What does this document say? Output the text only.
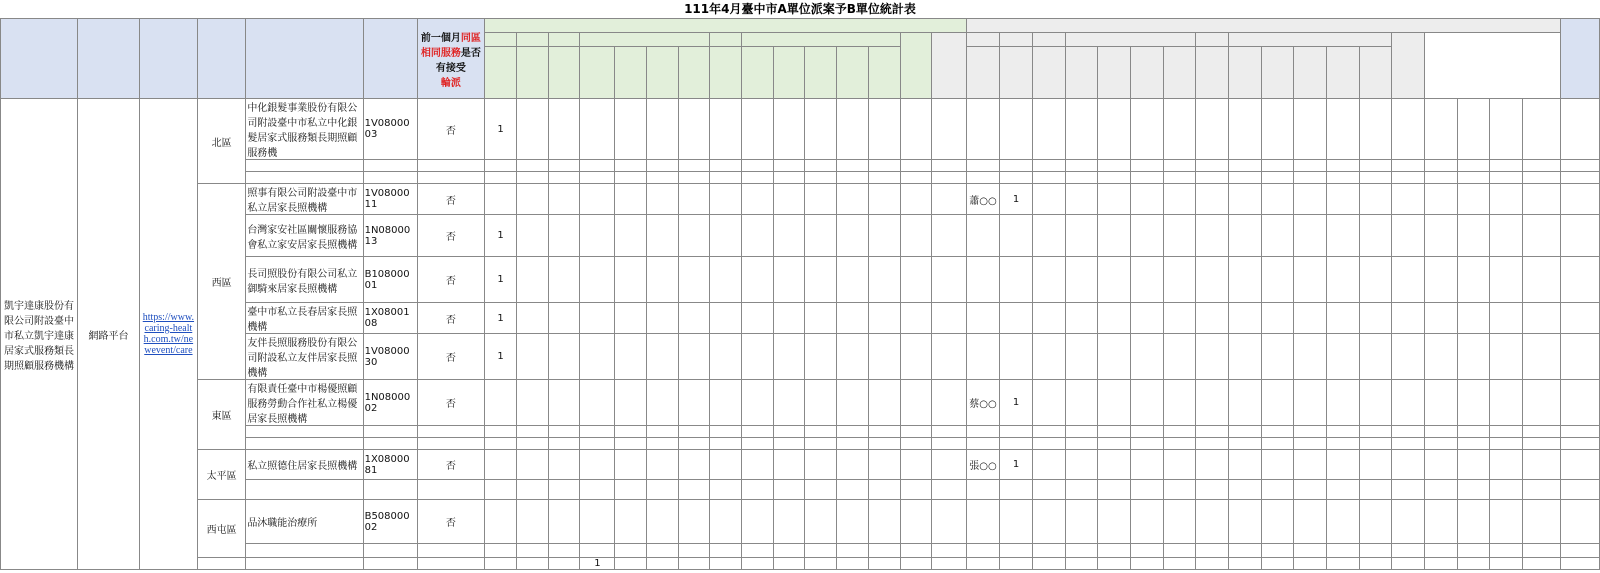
111年4月臺中市A單位派案予B單位統計表
						前一個月同區相同服務是否有接受
輪派																																		

凱宇達康股份有限公司附設臺中市私立凱宇達康居家式服務類長期照顧服務機構	網路平台	https://www.caring-health.com.tw/newevent/care	北區	中化銀髮事業股份有限公司附設臺中市私立中化銀髮居家式服務類長期照顧服務機	1V0800003	否	1																																	

			西區	照事有限公司附設臺中市私立居家長照機構	1V0800011	否																蕭○○	1																	
				台灣家安社區關懷服務協會私立家安居家長照機構	1N0800013	否	1																																	
				長司照股份有限公司私立御騎來居家長照機構	B10800001	否	1																																	
				臺中市私立長春居家長照機構	1X0800108	否	1																																	
				友伴長照服務股份有限公司附設私立友伴居家長照機構	1V0800030	否	1																																	
			東區	有限責任臺中市楊優照顧服務勞動合作社私立楊優居家長照機構	1N0800002	否																蔡○○	1																	

			太平區	私立照德住居家長照機構	1X0800081	否																張○○	1																	

			西屯區	品沐職能治療所	B50800002	否																																		

										1																														
